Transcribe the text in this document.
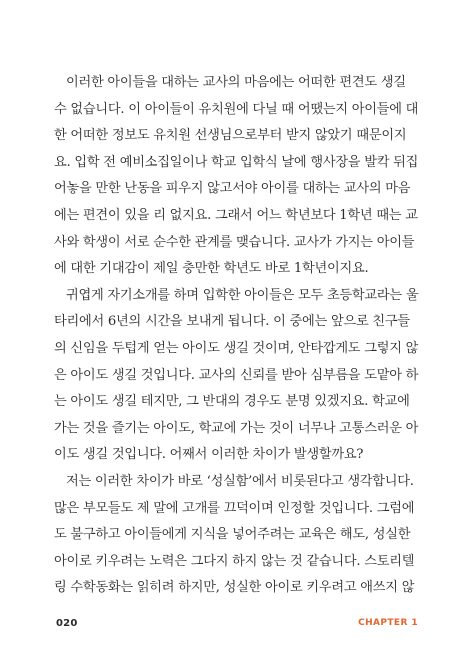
이러한 아이들을 대하는 교사의 마음에는 어떠한 편견도 생길
수 없습니다. 이 아이들이 유치원에 다닐 때 어땠는지 아이들에 대
한 어떠한 정보도 유치원 선생님으로부터 받지 않았기 때문이지
요. 입학 전 예비소집일이나 학교 입학식 날에 행사장을 발칵 뒤집
어놓을 만한 난동을 피우지 않고서야 아이를 대하는 교사의 마음
에는 편견이 있을 리 없지요. 그래서 어느 학년보다 1학년 때는 교
사와 학생이 서로 순수한 관계를 맺습니다. 교사가 가지는 아이들
에 대한 기대감이 제일 충만한 학년도 바로 1학년이지요.
귀엽게 자기소개를 하며 입학한 아이들은 모두 초등학교라는 울
타리에서 6년의 시간을 보내게 됩니다. 이 중에는 앞으로 친구들
의 신임을 두텁게 얻는 아이도 생길 것이며, 안타깝게도 그렇지 않
은 아이도 생길 것입니다. 교사의 신뢰를 받아 심부름을 도맡아 하
는 아이도 생길 테지만, 그 반대의 경우도 분명 있겠지요. 학교에
가는 것을 즐기는 아이도, 학교에 가는 것이 너무나 고통스러운 아
이도 생길 것입니다. 어째서 이러한 차이가 발생할까요?
저는 이러한 차이가 바로 ‘성실함’에서 비롯된다고 생각합니다.
많은 부모들도 제 말에 고개를 끄덕이며 인정할 것입니다. 그럼에
도 불구하고 아이들에게 지식을 넣어주려는 교육은 해도, 성실한
아이로 키우려는 노력은 그다지 하지 않는 것 같습니다. 스토리텔
링 수학동화는 읽히려 하지만, 성실한 아이로 키우려고 애쓰지 않
020	CHAPTER 1
